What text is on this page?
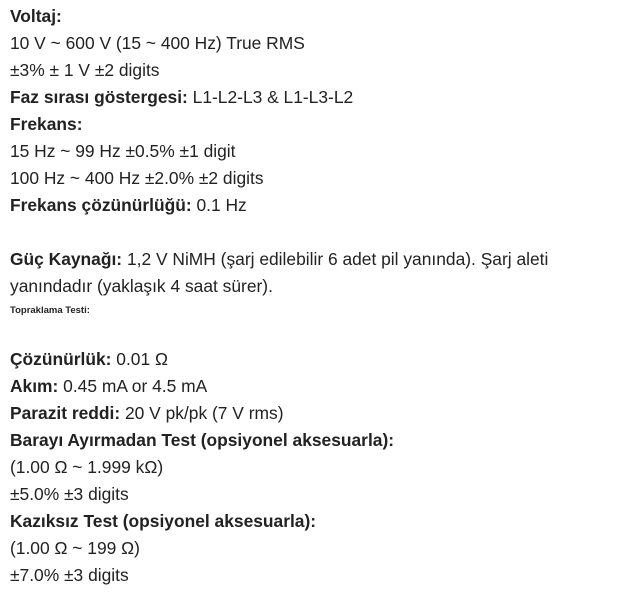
Voltaj:

10 V ~ 600 V (15 ~ 400 Hz) True RMS

±3% ± 1 V ±2 digits

Faz sırası göstergesi: L1-L2-L3 & L1-L3-L2

Frekans:

15 Hz ~ 99 Hz ±0.5% ±1 digit

100 Hz ~ 400 Hz ±2.0% ±2 digits

Frekans çözünürlüğü: 0.1 Hz

Güç Kaynağı: 1,2 V NiMH (şarj edilebilir 6 adet pil yanında). Şarj aleti yanındadır (yaklaşık 4 saat sürer).

Topraklama Testi:

Çözünürlük: 0.01 Ω

Akım: 0.45 mA or 4.5 mA

Parazit reddi: 20 V pk/pk (7 V rms)

Barayı Ayırmadan Test (opsiyonel aksesuarla):

(1.00 Ω ~ 1.999 kΩ)

±5.0% ±3 digits

Kazıksız Test (opsiyonel aksesuarla):

(1.00 Ω ~ 199 Ω)

±7.0% ±3 digits
